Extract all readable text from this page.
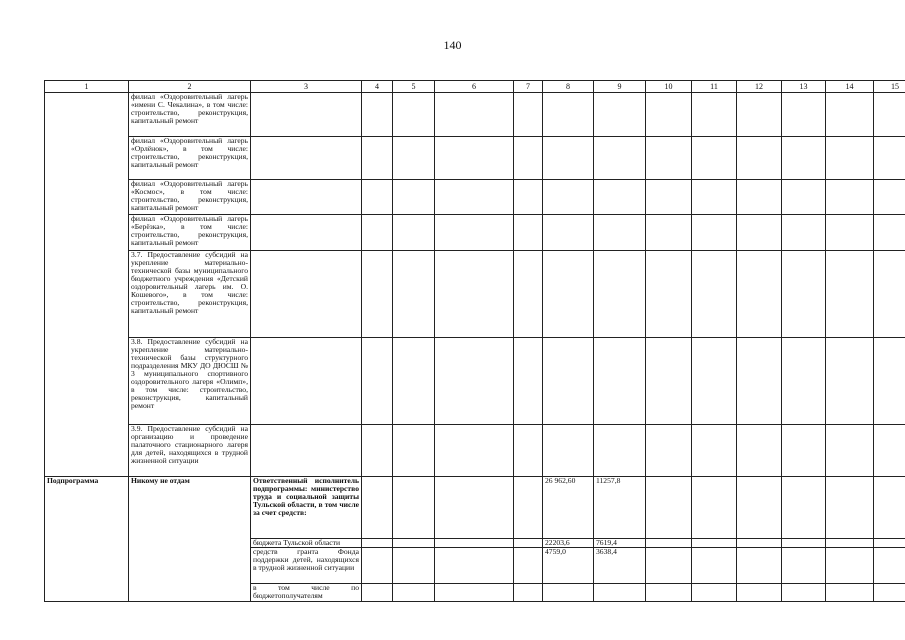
140
1	2	3	4	5	6	7	8	9	10	11	12	13	14	15
	филиал «Оздоровительный лагерь «имени С. Чекалина», в том числе: строительство, реконструкция, капитальный ремонт													
	филиал «Оздоровительный лагерь «Орлёнок», в том числе: строительство, реконструкция, капитальный ремонт													
	филиал «Оздоровительный лагерь «Космос», в том числе: строительство, реконструкция, капитальный ремонт													
	филиал «Оздоровительный лагерь «Берёзка», в том числе: строительство, реконструкция, капитальный ремонт													
	3.7. Предоставление субсидий на укрепление материально-технической базы муниципального бюджетного учреждения «Детский оздоровительный лагерь им. О. Кошевого», в том числе: строительство, реконструкция, капитальный ремонт													
	3.8. Предоставление субсидий на укрепление материально-технической базы структурного подразделения МКУ ДО ДЮСШ № 3 муниципального спортивного оздоровительного лагеря «Олимп», в том числе: строительство, реконструкция, капитальный ремонт													
	3.9. Предоставление субсидий на организацию и проведение палаточного стационарного лагеря для детей, находящихся в трудной жизненной ситуации													
Подпрограмма	Никому не отдам	Ответственный исполнитель подпрограммы: министерство труда и социальной защиты Тульской области, в том числе за счет средств:					26 962,60	11257,8						
		бюджета Тульской области					22203,6	7619,4						
		средств гранта Фонда поддержки детей, находящихся в трудной жизненной ситуации					4759,0	3638,4						
		в том числе по бюджетополучателям												
